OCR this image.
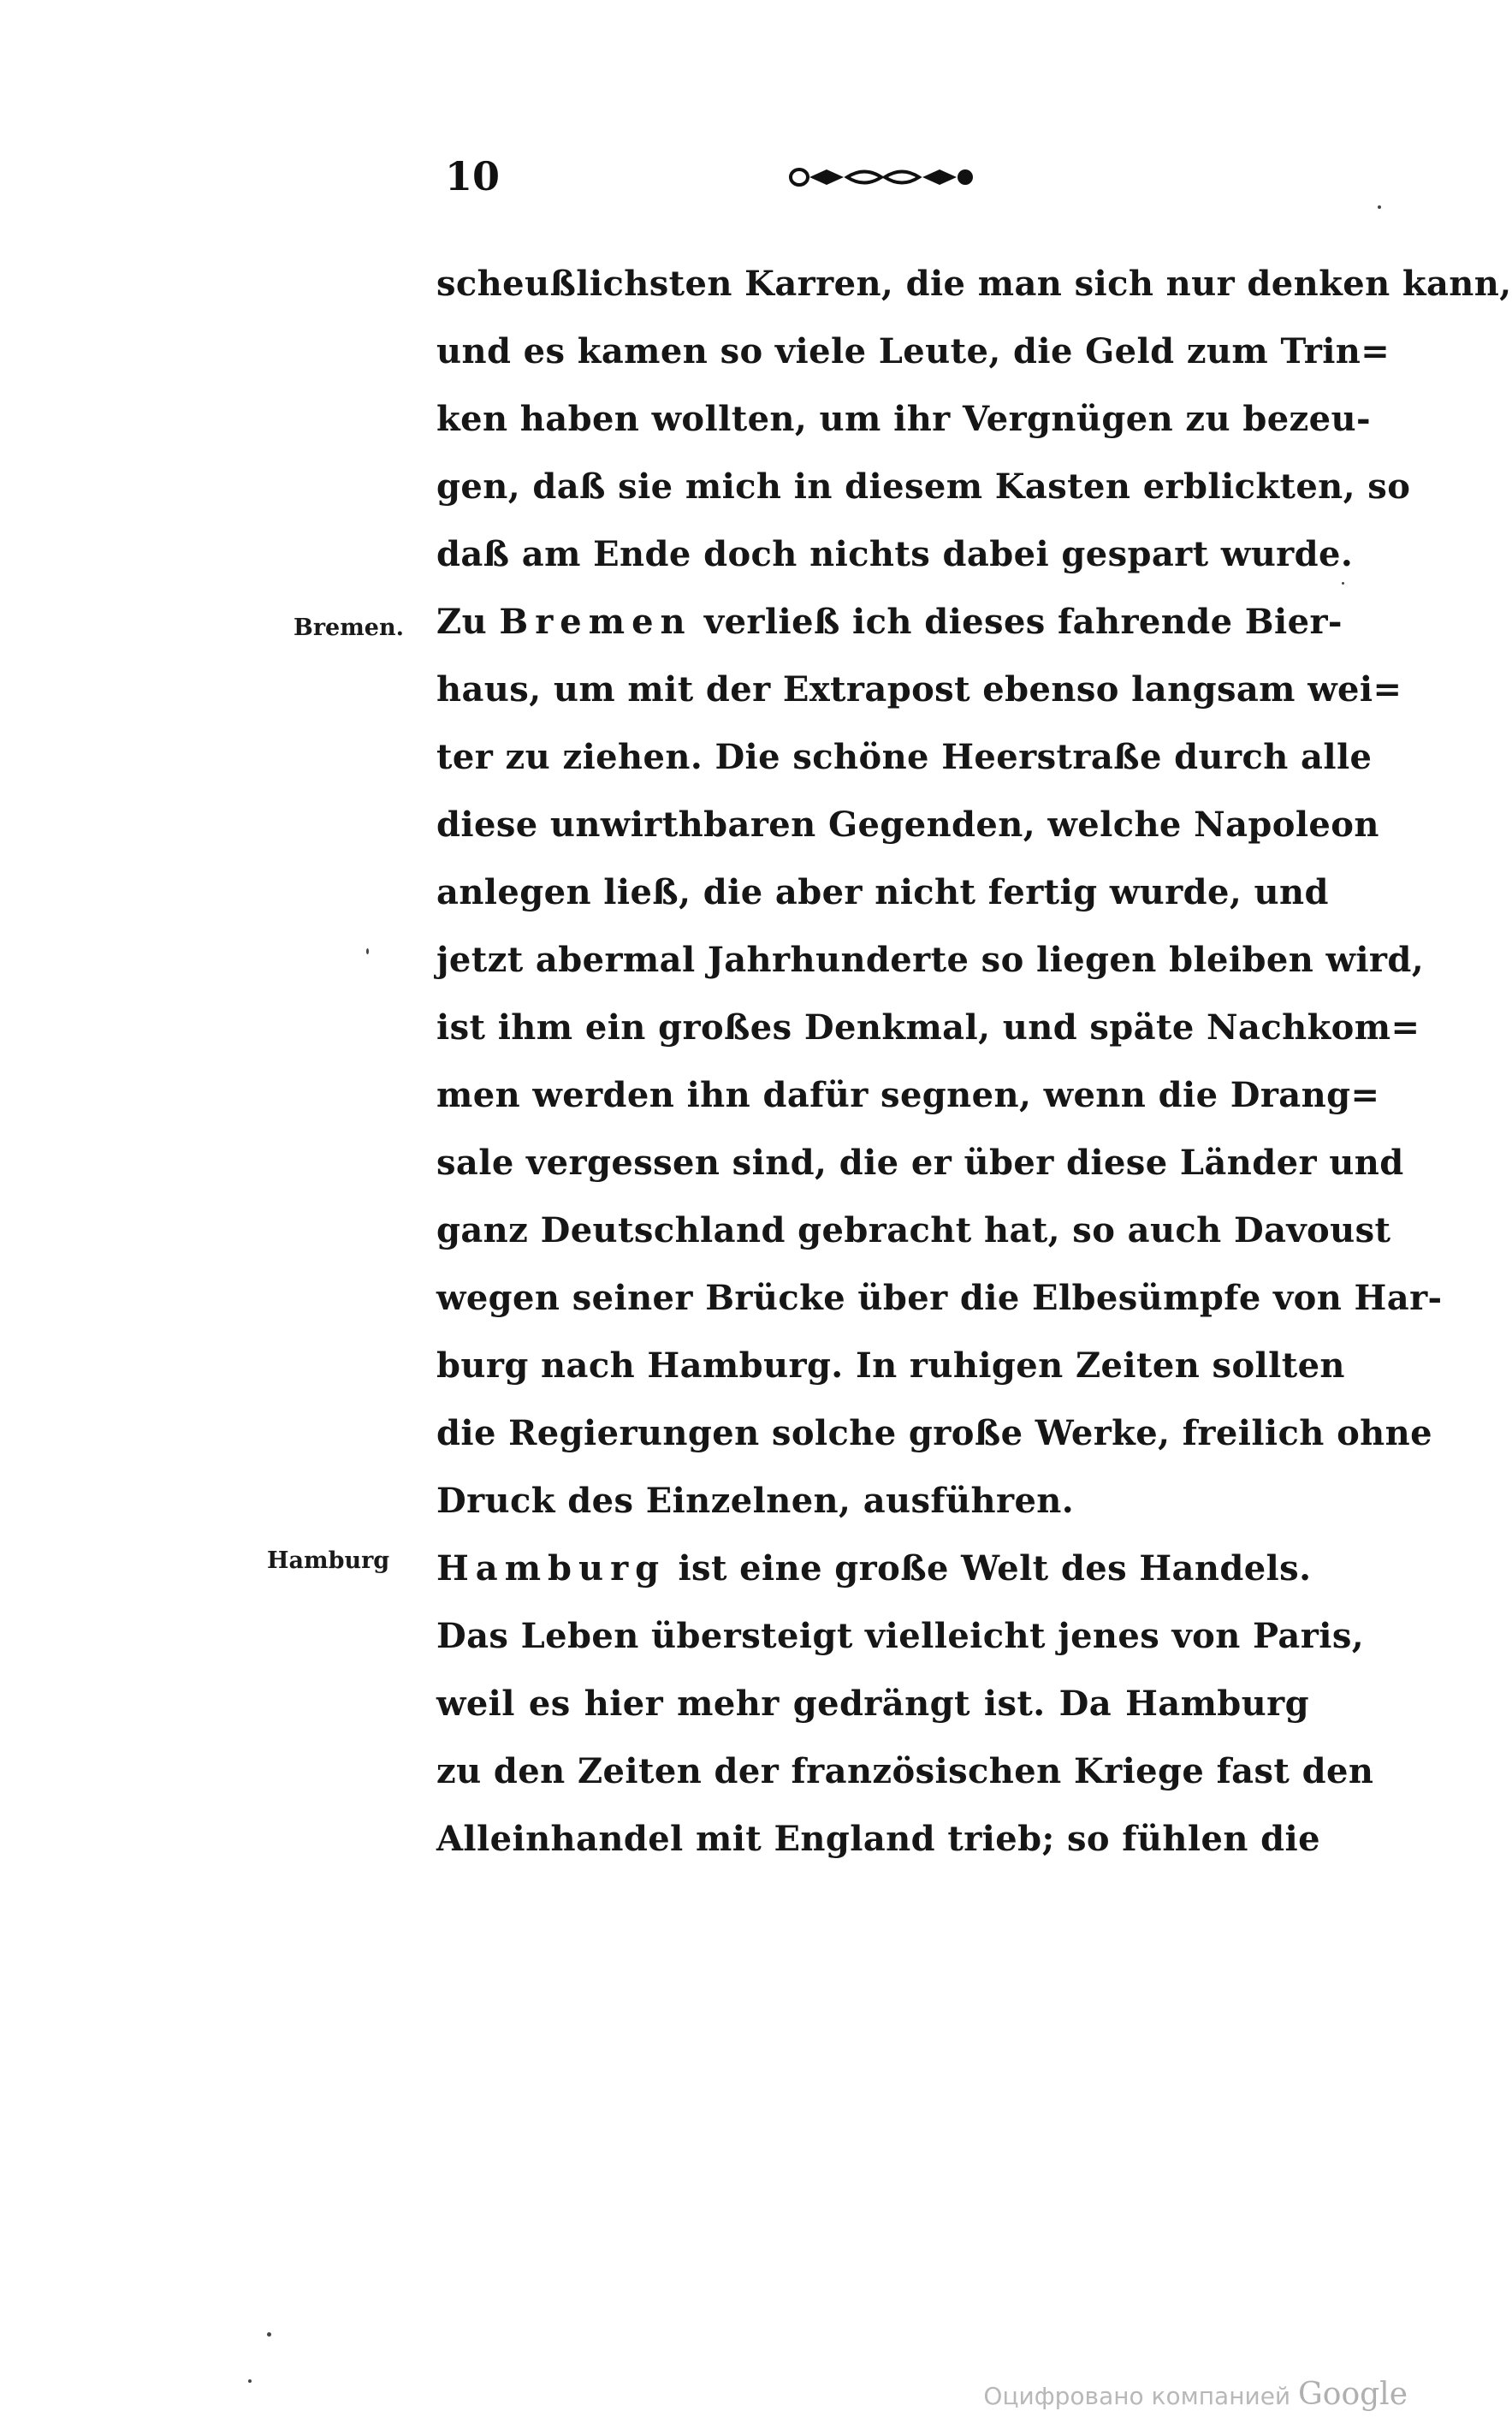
10
Bremen.
Hamburg
scheußlichsten Karren, die man sich nur denken kann,
und es kamen so viele Leute, die Geld zum Trin=
ken haben wollten, um ihr Vergnügen zu bezeu-
gen, daß sie mich in diesem Kasten erblickten, so
daß am Ende doch nichts dabei gespart wurde.
Zu Bremen verließ ich dieses fahrende Bier-
haus, um mit der Extrapost ebenso langsam wei=
ter zu ziehen. Die schöne Heerstraße durch alle
diese unwirthbaren Gegenden, welche Napoleon
anlegen ließ, die aber nicht fertig wurde, und
jetzt abermal Jahrhunderte so liegen bleiben wird,
ist ihm ein großes Denkmal, und späte Nachkom=
men werden ihn dafür segnen, wenn die Drang=
sale vergessen sind, die er über diese Länder und
ganz Deutschland gebracht hat, so auch Davoust
wegen seiner Brücke über die Elbesümpfe von Har-
burg nach Hamburg. In ruhigen Zeiten sollten
die Regierungen solche große Werke, freilich ohne
Druck des Einzelnen, ausführen.
Hamburg ist eine große Welt des Handels.
Das Leben übersteigt vielleicht jenes von Paris,
weil es hier mehr gedrängt ist. Da Hamburg
zu den Zeiten der französischen Kriege fast den
Alleinhandel mit England trieb; so fühlen die
Оцифровано компанией Google
